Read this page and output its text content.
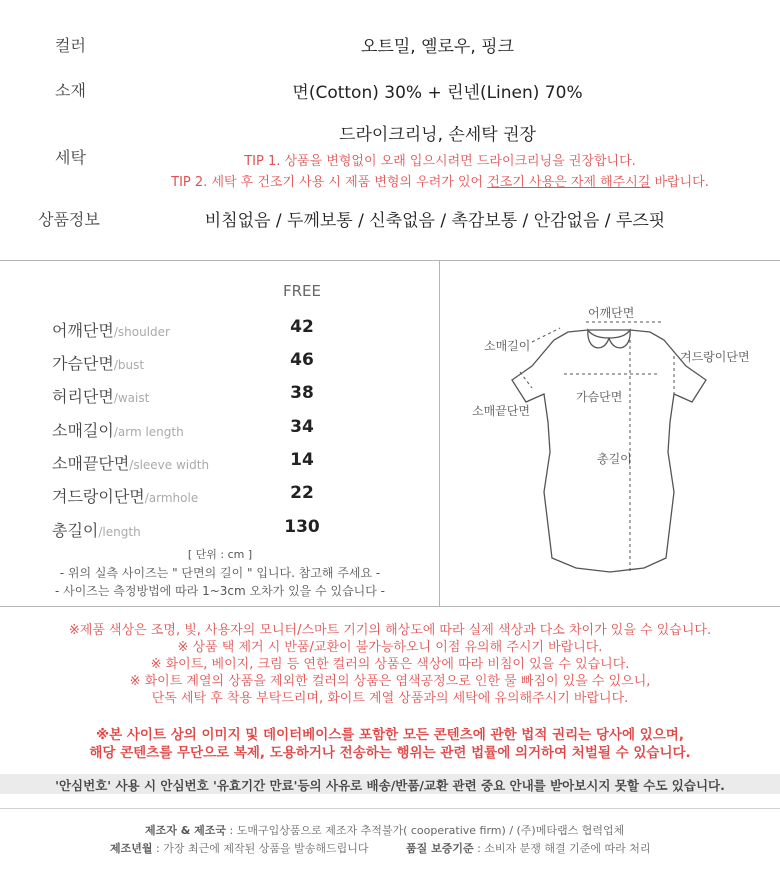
컬러	오트밀, 옐로우, 핑크
소재	면(Cotton) 30% + 린넨(Linen) 70%
드라이크리닝, 손세탁 권장
세탁	TIP 1. 상품을 변형없이 오래 입으시려면 드라이크리닝을 권장합니다.
TIP 2. 세탁 후 건조기 사용 시 제품 변형의 우려가 있어 건조기 사용은 자제 해주시길 바랍니다.
상품정보	비침없음 / 두께보통 / 신축없음 / 촉감보통 / 안감없음 / 루즈핏
FREE
어깨단면/shoulder	42
가슴단면/bust	46
허리단면/waist	38
소매길이/arm length	34
소매끝단면/sleeve width	14
겨드랑이단면/armhole	22
총길이/length	130
[ 단위 : cm ]
- 위의 실측 사이즈는 " 단면의 길이 " 입니다. 참고해 주세요 -
- 사이즈는 측정방법에 따라 1~3cm 오차가 있을 수 있습니다 -
어깨단면
소매길이
겨드랑이단면
가슴단면
소매끝단면
총길이
※제품 색상은 조명, 빛, 사용자의 모니터/스마트 기기의 해상도에 따라 실제 색상과 다소 차이가 있을 수 있습니다.
※ 상품 택 제거 시 반품/교환이 불가능하오니 이점 유의해 주시기 바랍니다.
※ 화이트, 베이지, 크림 등 연한 컬러의 상품은 색상에 따라 비침이 있을 수 있습니다.
※ 화이트 계열의 상품을 제외한 컬러의 상품은 염색공정으로 인한 물 빠짐이 있을 수 있으니,
단독 세탁 후 착용 부탁드리며, 화이트 계열 상품과의 세탁에 유의해주시기 바랍니다.
※본 사이트 상의 이미지 및 데이터베이스를 포함한 모든 콘텐츠에 관한 법적 권리는 당사에 있으며,
해당 콘텐츠를 무단으로 복제, 도용하거나 전송하는 행위는 관련 법률에 의거하여 처벌될 수 있습니다.
'안심번호' 사용 시 안심번호 '유효기간 만료'등의 사유로 배송/반품/교환 관련 중요 안내를 받아보시지 못할 수도 있습니다.
제조자 & 제조국 : 도매구입상품으로 제조자 추적불가( cooperative firm) / (주)메타랩스 협력업체
제조년월 : 가장 최근에 제작된 상품을 발송해드립니다	품질 보증기준 : 소비자 분쟁 해결 기준에 따라 처리
